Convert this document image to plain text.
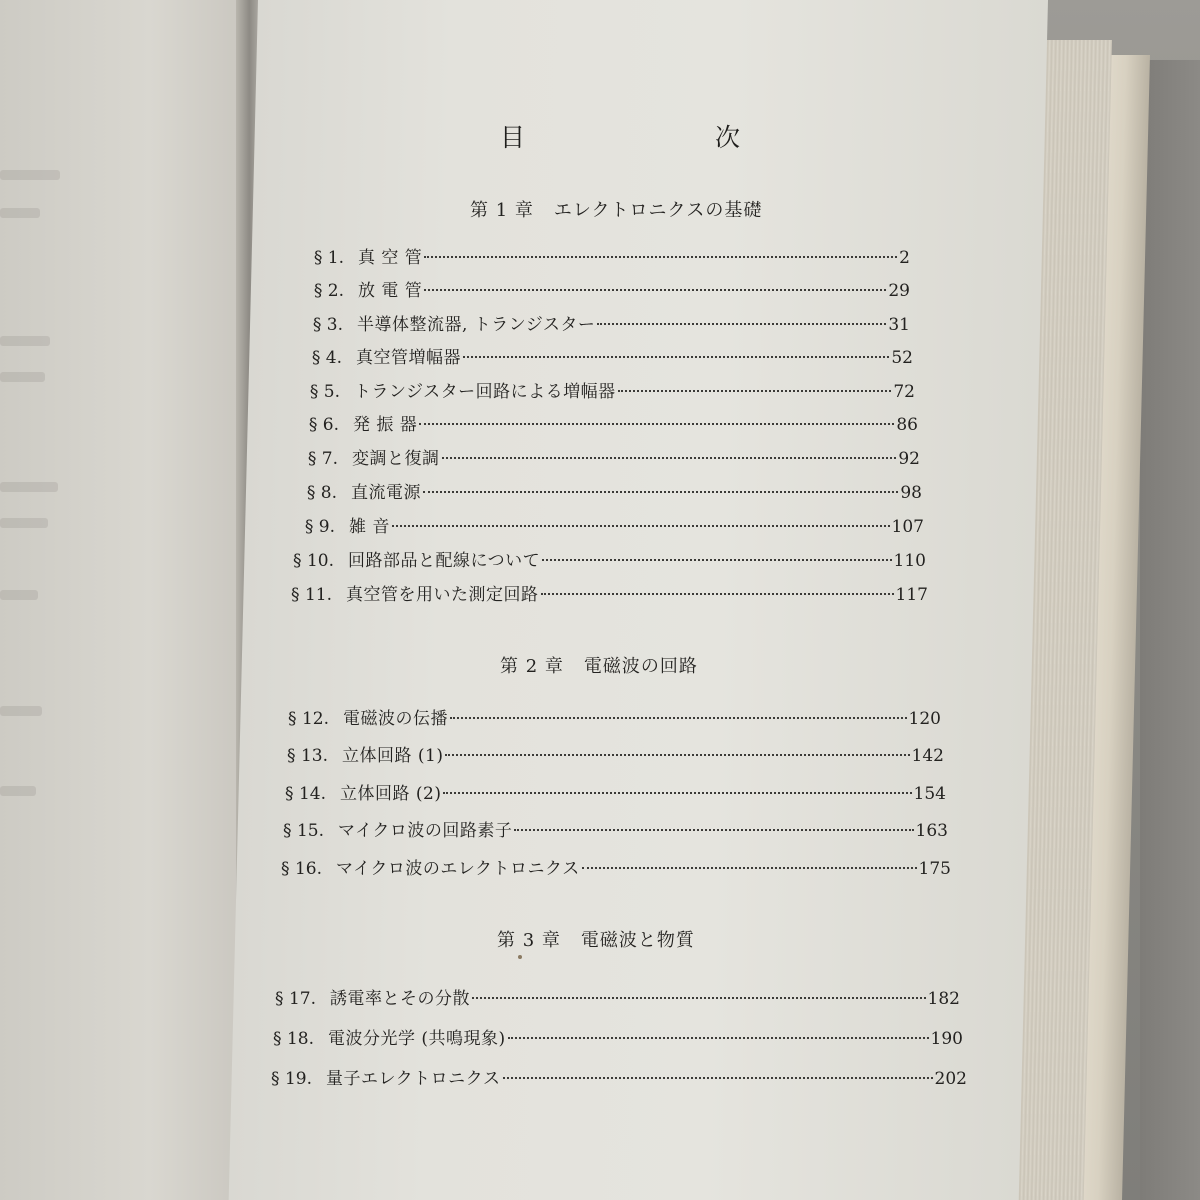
目	次
第 1 章 エレクトロニクスの基礎
§ 1. 真 空 管	2
§ 2. 放 電 管	29
§ 3. 半導体整流器, トランジスター	31
§ 4. 真空管増幅器	52
§ 5. トランジスター回路による増幅器	72
§ 6. 発 振 器	86
§ 7. 変調と復調	92
§ 8. 直流電源	98
§ 9. 雑 音	107
§ 10. 回路部品と配線について	110
§ 11. 真空管を用いた測定回路	117
第 2 章 電磁波の回路
§ 12. 電磁波の伝播	120
§ 13. 立体回路 (1)	142
§ 14. 立体回路 (2)	154
§ 15. マイクロ波の回路素子	163
§ 16. マイクロ波のエレクトロニクス	175
第 3 章 電磁波と物質
§ 17. 誘電率とその分散	182
§ 18. 電波分光学 (共鳴現象)	190
§ 19. 量子エレクトロニクス	202
